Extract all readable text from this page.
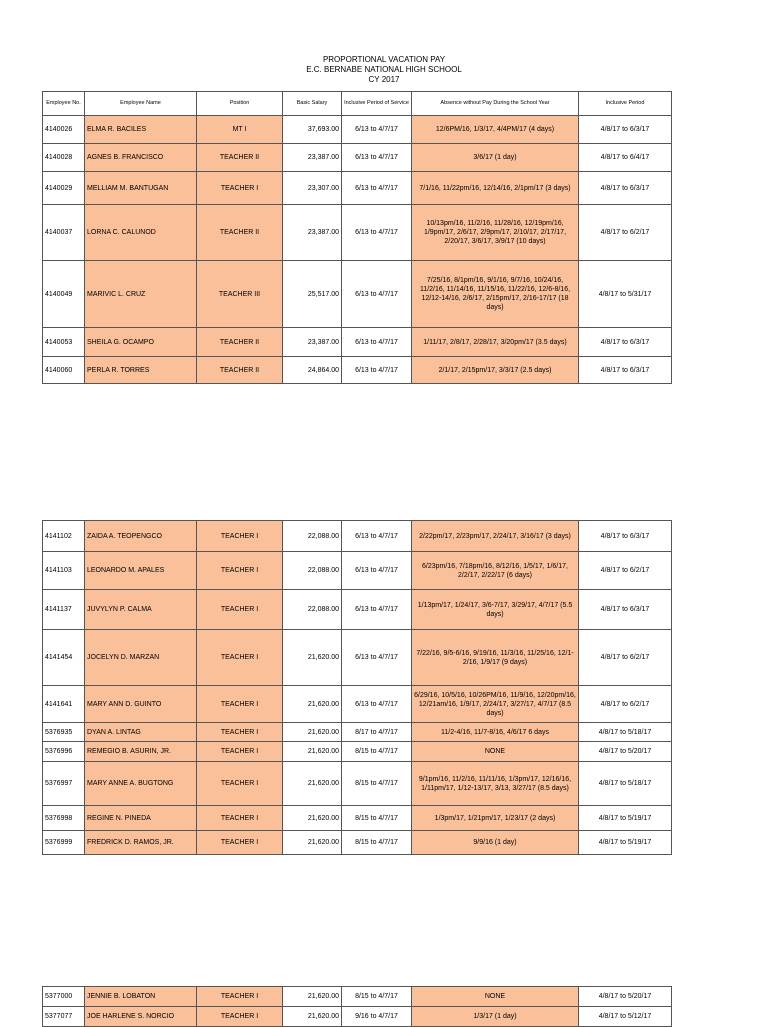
PROPORTIONAL VACATION PAY
E.C. BERNABE NATIONAL HIGH SCHOOL
CY 2017
Employee No.	Employee Name	Position	Basic Salary	Inclusive Period of Service	Absence without Pay During the School Year	Inclusive Period
4140026	ELMA R. BACILES	MT I	37,693.00	6/13 to 4/7/17	12/6PM/16, 1/3/17, 4/4PM/17 (4 days)	4/8/17 to 6/3/17
4140028	AGNES B. FRANCISCO	TEACHER II	23,387.00	6/13 to 4/7/17	3/6/17 (1 day)	4/8/17 to 6/4/17
4140029	MELLIAM M. BANTUGAN	TEACHER I	23,307.00	6/13 to 4/7/17	7/1/16, 11/22pm/16, 12/14/16, 2/1pm/17 (3 days)	4/8/17 to 6/3/17
4140037	LORNA C. CALUNOD	TEACHER II	23,387.00	6/13 to 4/7/17	10/13pm/16, 11/2/16, 11/28/16, 12/19pm/16, 1/9pm/17, 2/6/17, 2/9pm/17, 2/10/17, 2/17/17, 2/20/17, 3/6/17, 3/9/17 (10 days)	4/8/17 to 6/2/17
4140049	MARIVIC L. CRUZ	TEACHER III	25,517.00	6/13 to 4/7/17	7/25/16, 8/1pm/16, 9/1/16, 9/7/16, 10/24/16, 11/2/16, 11/14/16, 11/15/16, 11/22/16, 12/6-8/16, 12/12-14/16, 2/6/17, 2/15pm/17, 2/16-17/17 (18 days)	4/8/17 to 5/31/17
4140053	SHEILA G. OCAMPO	TEACHER II	23,387.00	6/13 to 4/7/17	1/11/17, 2/8/17, 2/28/17, 3/20pm/17 (3.5 days)	4/8/17 to 6/3/17
4140060	PERLA R. TORRES	TEACHER II	24,864.00	6/13 to 4/7/17	2/1/17, 2/15pm/17, 3/3/17 (2.5 days)	4/8/17 to 6/3/17
4141102	ZAIDA A. TEOPENGCO	TEACHER I	22,088.00	6/13 to 4/7/17	2/22pm/17, 2/23pm/17, 2/24/17, 3/16/17 (3 days)	4/8/17 to 6/3/17
4141103	LEONARDO M. APALES	TEACHER I	22,088.00	6/13 to 4/7/17	6/23pm/16, 7/18pm/16, 8/12/16, 1/5/17, 1/6/17, 2/2/17, 2/22/17 (6 days)	4/8/17 to 6/2/17
4141137	JUVYLYN P. CALMA	TEACHER I	22,088.00	6/13 to 4/7/17	1/13pm/17, 1/24/17, 3/6-7/17, 3/29/17, 4/7/17 (5.5 days)	4/8/17 to 6/3/17
4141454	JOCELYN D. MARZAN	TEACHER I	21,620.00	6/13 to 4/7/17	7/22/16, 9/5-6/16, 9/19/16, 11/3/16, 11/25/16, 12/1-2/16, 1/9/17 (9 days)	4/8/17 to 6/2/17
4141641	MARY ANN D. GUINTO	TEACHER I	21,620.00	6/13 to 4/7/17	6/29/16, 10/5/16, 10/26PM/16, 11/9/16, 12/20pm/16, 12/21am/16, 1/9/17, 2/24/17, 3/27/17, 4/7/17 (8.5 days)	4/8/17 to 6/2/17
5376935	DYAN A. LINTAG	TEACHER I	21,620.00	8/17 to 4/7/17	11/2-4/16, 11/7-8/16, 4/6/17 6 days	4/8/17 to 5/18/17
5376996	REMEGIO B. ASURIN, JR.	TEACHER I	21,620.00	8/15 to 4/7/17	NONE	4/8/17 to 5/20/17
5376997	MARY ANNE A. BUGTONG	TEACHER I	21,620.00	8/15 to 4/7/17	9/1pm/16, 11/2/16, 11/11/16, 1/3pm/17, 12/16/16, 1/11pm/17, 1/12-13/17, 3/13, 3/27/17 (8.5 days)	4/8/17 to 5/18/17
5376998	REGINE N. PINEDA	TEACHER I	21,620.00	8/15 to 4/7/17	1/3pm/17, 1/21pm/17, 1/23/17 (2 days)	4/8/17 to 5/19/17
5376999	FREDRICK D. RAMOS, JR.	TEACHER I	21,620.00	8/15 to 4/7/17	9/9/16 (1 day)	4/8/17 to 5/19/17
5377000	JENNIE B. LOBATON	TEACHER I	21,620.00	8/15 to 4/7/17	NONE	4/8/17 to 5/20/17
5377077	JOE HARLENE S. NORCIO	TEACHER I	21,620.00	9/16 to 4/7/17	1/3/17 (1 day)	4/8/17 to 5/12/17
